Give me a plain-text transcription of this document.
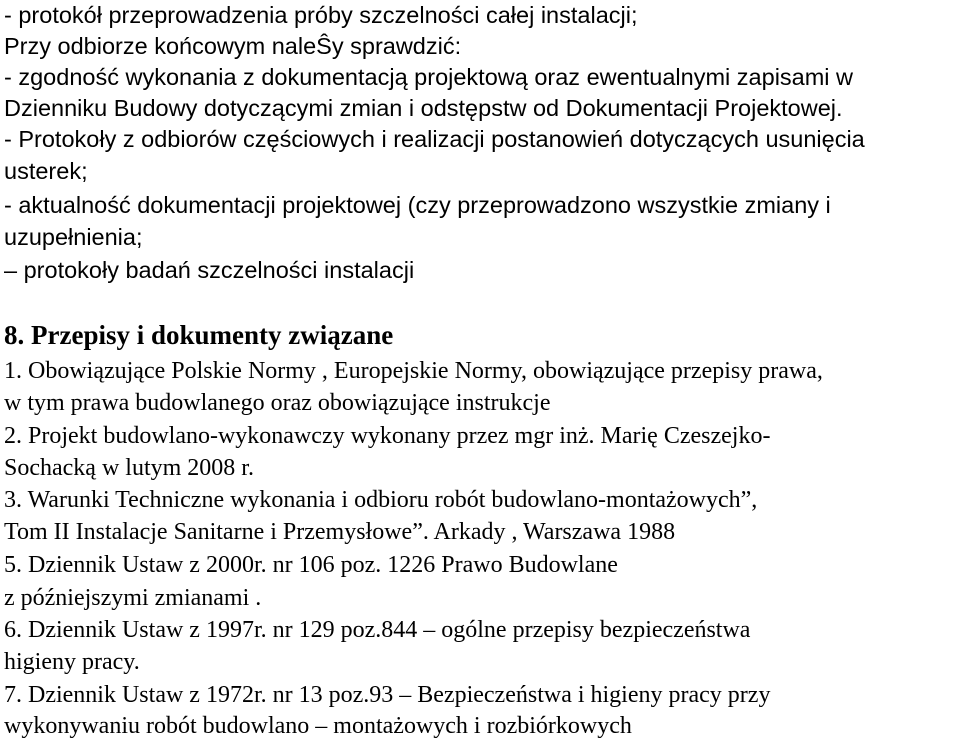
- protokół przeprowadzenia próby szczelności całej instalacji;
Przy odbiorze końcowym naleŜy sprawdzić:
- zgodność wykonania z dokumentacją projektową oraz ewentualnymi zapisami w
Dzienniku Budowy dotyczącymi zmian i odstępstw od Dokumentacji Projektowej.
- Protokoły z odbiorów częściowych i realizacji postanowień dotyczących usunięcia
usterek;
- aktualność dokumentacji projektowej (czy przeprowadzono wszystkie zmiany i
uzupełnienia;
– protokoły badań szczelności instalacji
8. Przepisy i dokumenty związane
1. Obowiązujące Polskie Normy , Europejskie Normy, obowiązujące przepisy prawa,
w tym prawa budowlanego oraz obowiązujące instrukcje
2. Projekt budowlano-wykonawczy wykonany przez mgr inż. Marię Czeszejko-
Sochacką w lutym 2008 r.
3. Warunki Techniczne wykonania i odbioru robót budowlano-montażowych”,
Tom II Instalacje Sanitarne i Przemysłowe”. Arkady , Warszawa 1988
5. Dziennik Ustaw z 2000r. nr 106 poz. 1226 Prawo Budowlane
z późniejszymi zmianami .
6. Dziennik Ustaw z 1997r. nr 129 poz.844 – ogólne przepisy bezpieczeństwa
higieny pracy.
7. Dziennik Ustaw z 1972r. nr 13 poz.93 – Bezpieczeństwa i higieny pracy przy
wykonywaniu robót budowlano – montażowych i rozbiórkowych
